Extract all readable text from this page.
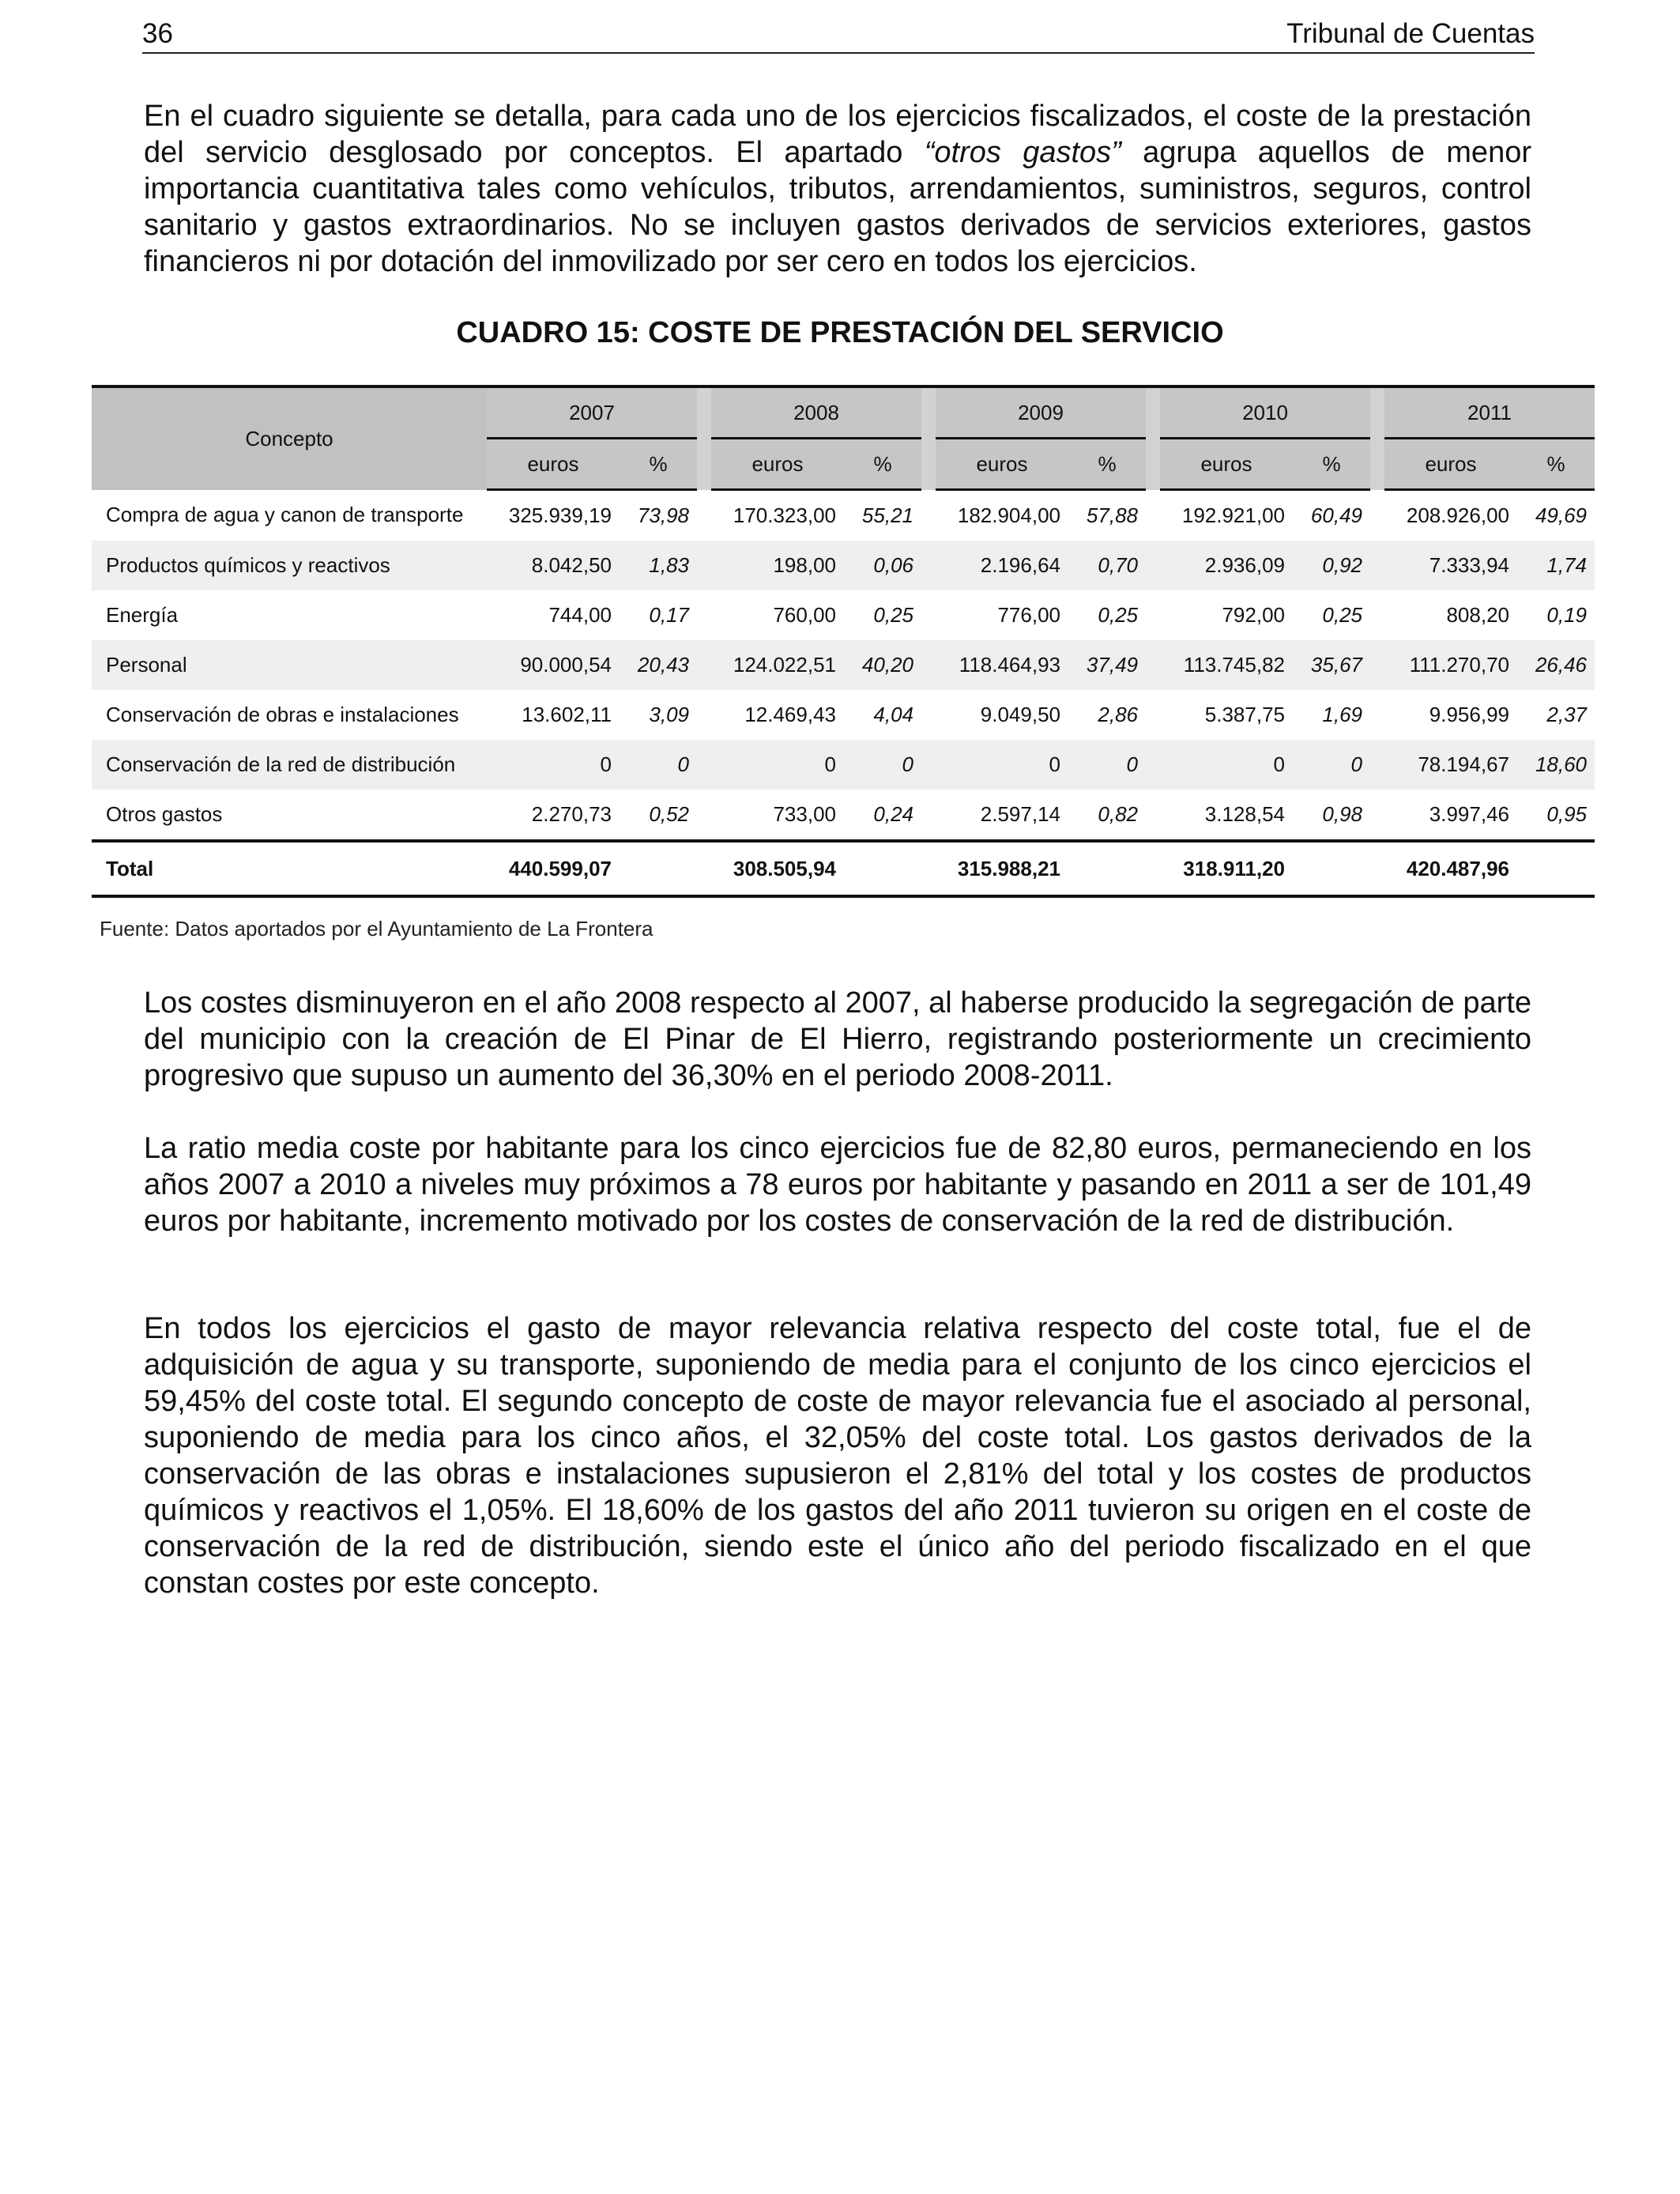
36	Tribunal de Cuentas

En el cuadro siguiente se detalla, para cada uno de los ejercicios fiscalizados, el coste de la prestación del servicio desglosado por conceptos. El apartado “otros gastos” agrupa aquellos de menor importancia cuantitativa tales como vehículos, tributos, arrendamientos, suministros, seguros, control sanitario y gastos extraordinarios. No se incluyen gastos derivados de servicios exteriores, gastos financieros ni por dotación del inmovilizado por ser cero en todos los ejercicios.

CUADRO 15: COSTE DE PRESTACIÓN DEL SERVICIO
Concepto	2007			2008			2009			2010			2011	
	euros	%		euros	%		euros	%		euros	%		euros	%
Compra de agua y canon de transporte	325.939,19	73,98		170.323,00	55,21		182.904,00	57,88		192.921,00	60,49		208.926,00	49,69
Productos químicos y reactivos	8.042,50	1,83		198,00	0,06		2.196,64	0,70		2.936,09	0,92		7.333,94	1,74
Energía	744,00	0,17		760,00	0,25		776,00	0,25		792,00	0,25		808,20	0,19
Personal	90.000,54	20,43		124.022,51	40,20		118.464,93	37,49		113.745,82	35,67		111.270,70	26,46
Conservación de obras e instalaciones	13.602,11	3,09		12.469,43	4,04		9.049,50	2,86		5.387,75	1,69		9.956,99	2,37
Conservación de la red de distribución	0	0		0	0		0	0		0	0		78.194,67	18,60
Otros gastos	2.270,73	0,52		733,00	0,24		2.597,14	0,82		3.128,54	0,98		3.997,46	0,95
Total	440.599,07			308.505,94			315.988,21			318.911,20			420.487,96	
Fuente: Datos aportados por el Ayuntamiento de La Frontera

Los costes disminuyeron en el año 2008 respecto al 2007, al haberse producido la segregación de parte del municipio con la creación de El Pinar de El Hierro, registrando posteriormente un crecimiento progresivo que supuso un aumento del 36,30% en el periodo 2008-2011.

La ratio media coste por habitante para los cinco ejercicios fue de 82,80 euros, permaneciendo en los años 2007 a 2010 a niveles muy próximos a 78 euros por habitante y pasando en 2011 a ser de 101,49 euros por habitante, incremento motivado por los costes de conservación de la red de distribución.

En todos los ejercicios el gasto de mayor relevancia relativa respecto del coste total, fue el de adquisición de agua y su transporte, suponiendo de media para el conjunto de los cinco ejercicios el 59,45% del coste total. El segundo concepto de coste de mayor relevancia fue el asociado al personal, suponiendo de media para los cinco años, el 32,05% del coste total. Los gastos derivados de la conservación de las obras e instalaciones supusieron el 2,81% del total y los costes de productos químicos y reactivos el 1,05%. El 18,60% de los gastos del año 2011 tuvieron su origen en el coste de conservación de la red de distribución, siendo este el único año del periodo fiscalizado en el que constan costes por este concepto.
